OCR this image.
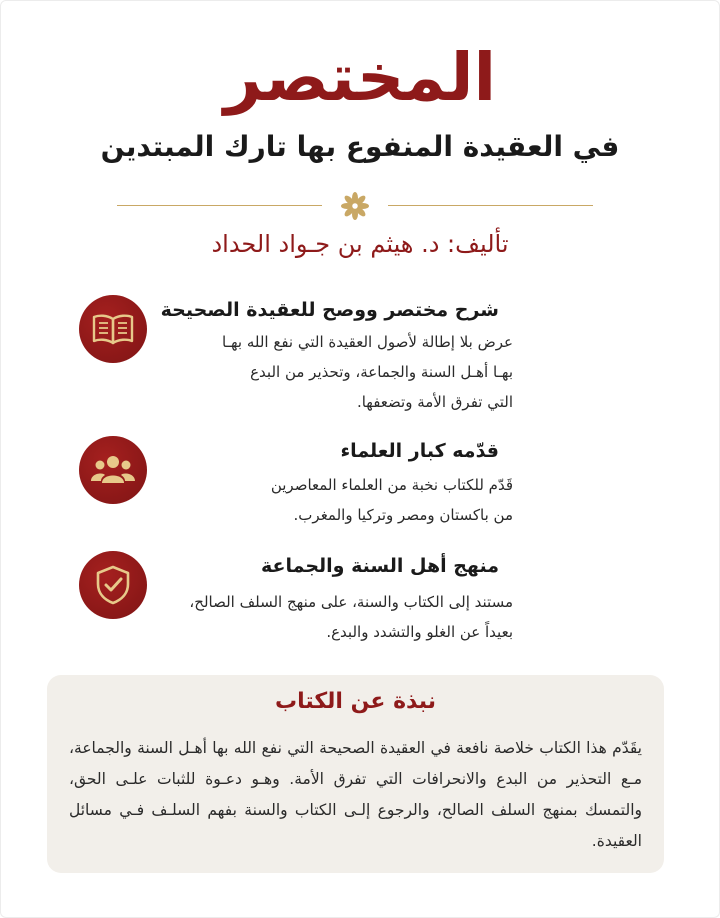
المختصر
في العقيدة المنفوع بها تارك المبتدين
تأليف: د. هيثم بن جـواد الحداد
شرح مختصر ووصح للعقيدة الصحيحة
عرض بلا إطالة لأصول العقيدة التي نفع الله بهـا
بهـا أهـل السنة والجماعة، وتحذير من البدع
التي تفرق الأمة وتضعفها.
قدّمه كبار العلماء
قَدّم للكتاب نخبة من العلماء المعاصرين
من باكستان ومصر وتركيا والمغرب.
منهج أهل السنة والجماعة
مستند إلى الكتاب والسنة، على منهج السلف الصالح،
بعيداً عن الغلو والتشدد والبدع.
نبذة عن الكتاب

يقَدّم هذا الكتاب خلاصة نافعة في العقيدة الصحيحة التي نفع الله بها أهـل السنة والجماعة، مـع التحذير من البدع والانحرافات التي تفرق الأمة. وهـو دعـوة للثبات علـى الحق، والتمسك بمنهج السلف الصالح، والرجوع إلـى الكتاب والسنة بفهم السلـف فـي مسائل العقيدة.
